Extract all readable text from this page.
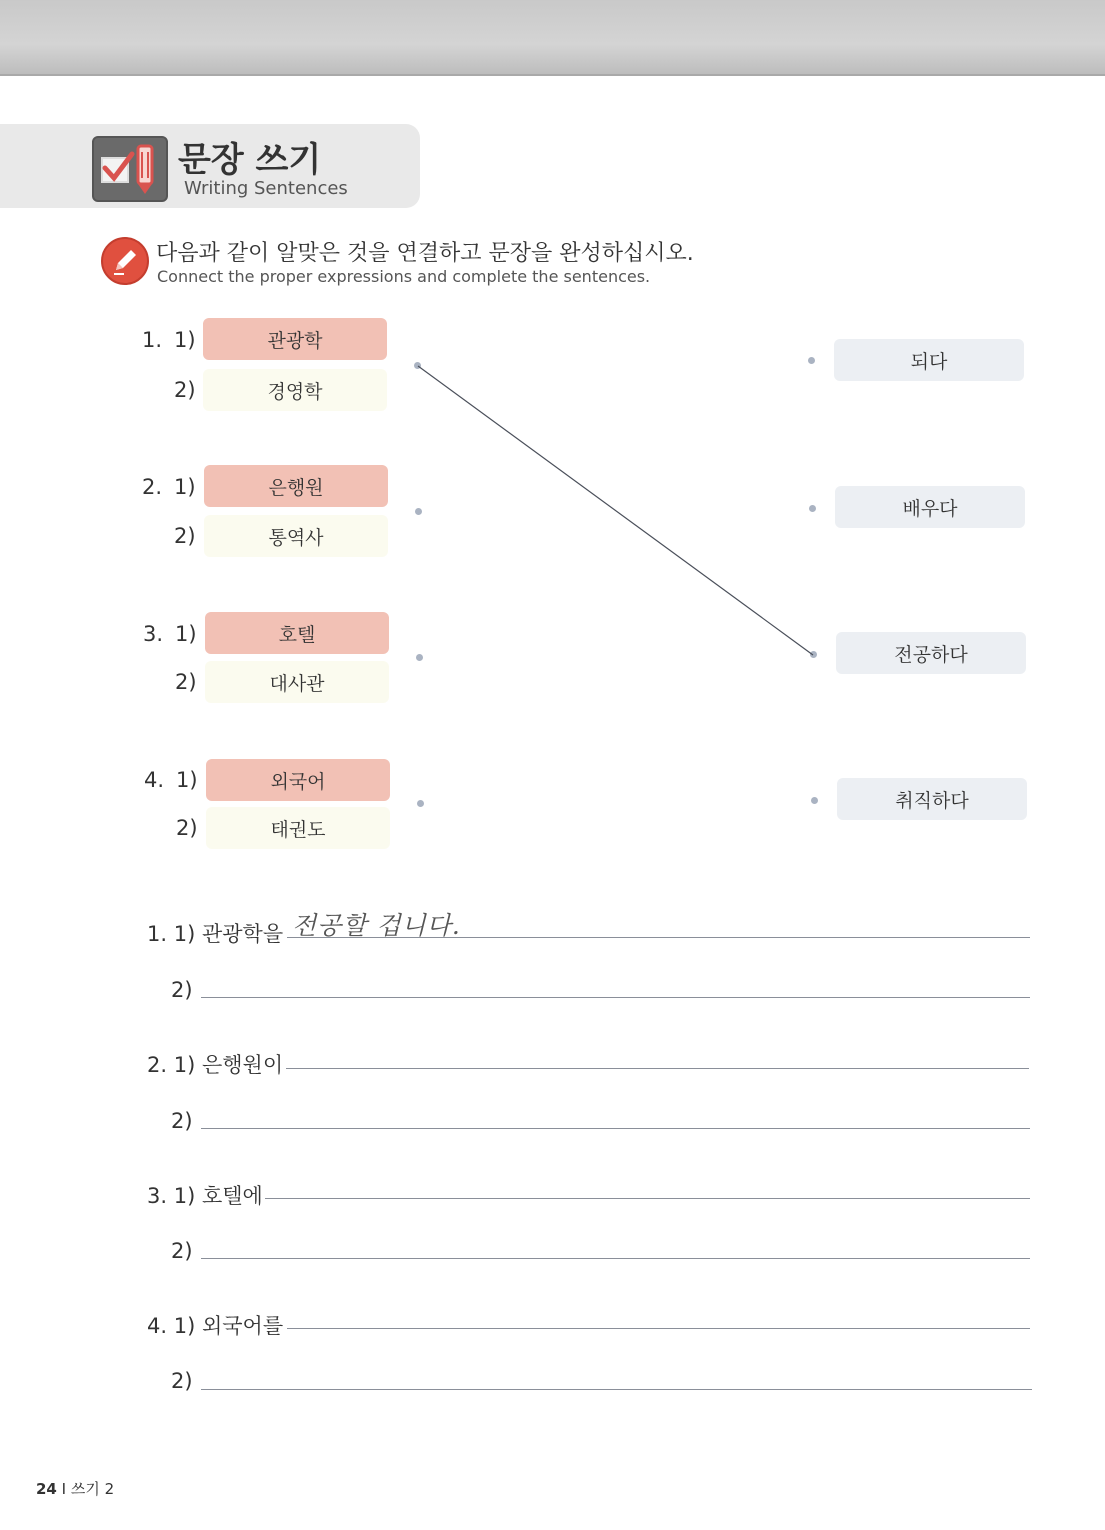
문장 쓰기
Writing Sentences
다음과 같이 알맞은 것을 연결하고 문장을 완성하십시오.
Connect the proper expressions and complete the sentences.
1. 1)	관광학
2)	경영학
2. 1)	은행원
2)	통역사
3. 1)	호텔
2)	대사관
4. 1)	외국어
2)	태권도
되다
배우다
전공하다
취직하다
1. 1) 관광학을 전공할 겁니다.
2)
2. 1) 은행원이
2)
3. 1) 호텔에
2)
4. 1) 외국어를
2)
24 I 쓰기 2
